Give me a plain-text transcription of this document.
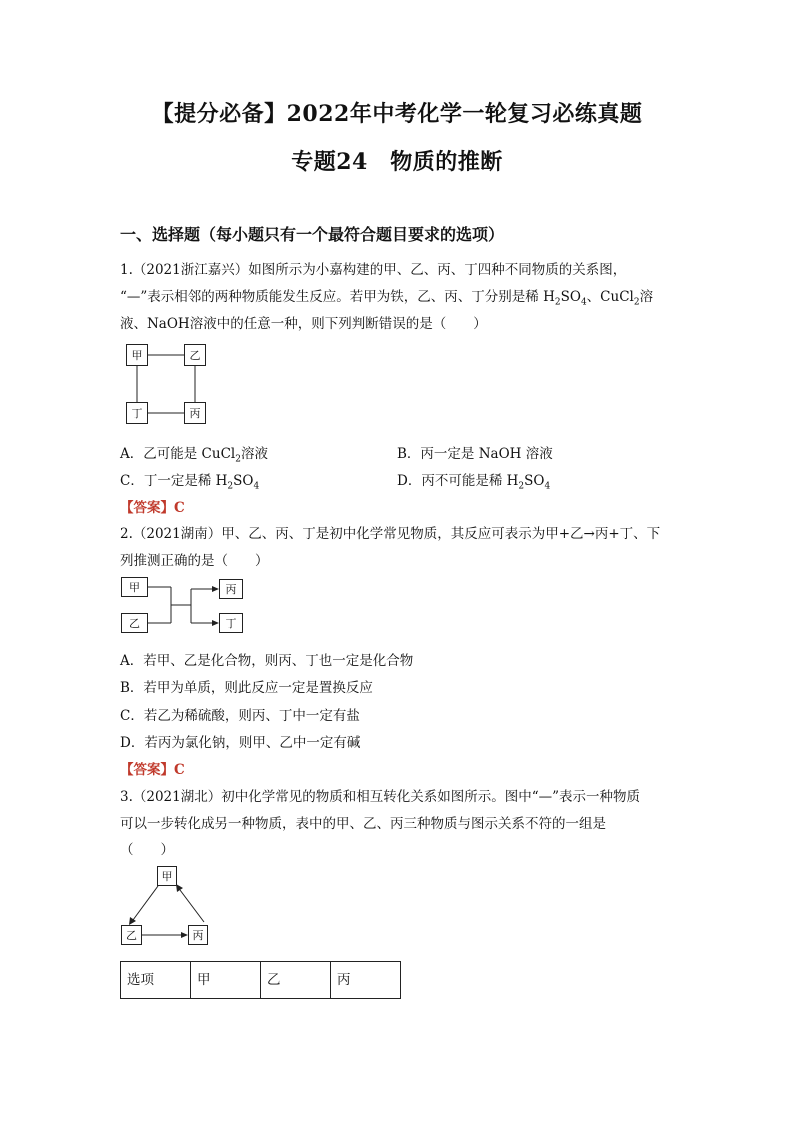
【提分必备】2022年中考化学一轮复习必练真题
专题24　物质的推断
一、选择题（每小题只有一个最符合题目要求的选项）
1.（2021浙江嘉兴）如图所示为小嘉构建的甲、乙、丙、丁四种不同物质的关系图，
“—”表示相邻的两种物质能发生反应。若甲为铁，乙、丙、丁分别是稀 $H_2SO_4$、CuCl$_2$溶
液、NaOH溶液中的任意一种，则下列判断错误的是（　　）
甲	乙
丁	丙
A．乙可能是 CuCl$_2$溶液	B．丙一定是 NaOH 溶液
C．丁一定是稀 $H_2SO_4$	D．丙不可能是稀 $H_2SO_4$
【答案】C
2.（2021湖南）甲、乙、丙、丁是初中化学常见物质，其反应可表示为甲+乙→丙+丁、下
列推测正确的是（　　）
甲
乙
丙
丁
A．若甲、乙是化合物，则丙、丁也一定是化合物
B．若甲为单质，则此反应一定是置换反应
C．若乙为稀硫酸，则丙、丁中一定有盐
D．若丙为氯化钠，则甲、乙中一定有碱
【答案】C
3.（2021湖北）初中化学常见的物质和相互转化关系如图所示。图中“—”表示一种物质
可以一步转化成另一种物质，表中的甲、乙、丙三种物质与图示关系不符的一组是
（　　）
甲
乙	丙
选项	甲	乙	丙
